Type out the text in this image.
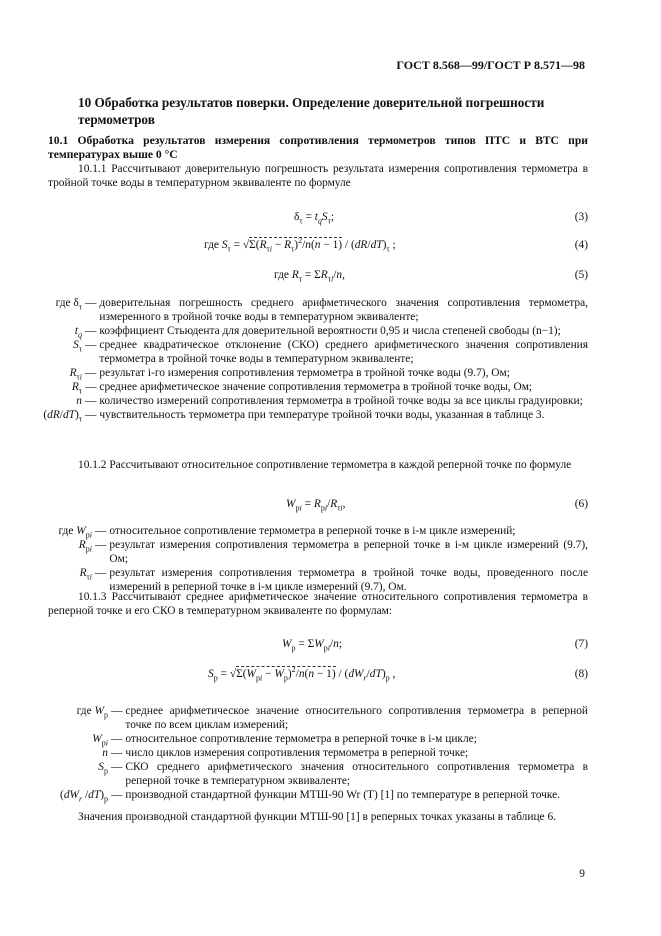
ГОСТ 8.568—99/ГОСТ Р 8.571—98
10 Обработка результатов поверки. Определение доверительной погрешности термометров
10.1 Обработка результатов измерения сопротивления термометров типов ПТС и ВТС при температурах выше 0 °С
10.1.1 Рассчитывают доверительную погрешность результата измерения сопротивления термометра в тройной точке воды в температурном эквиваленте по формуле
$\delta_\tau = t_qS_\tau$;	(3)
где $S_\tau = √\Sigma(R_{\tau i} - R_\tau)^2/n(n - 1) / (dR/dT)_\tau$ ;	(4)
где $R_\tau = \Sigma R_{\tau i}/n$,	(5)
где $\delta_\tau$ — доверительная погрешность среднего арифметического значения сопротивления термометра, измеренного в тройной точке воды в температурном эквиваленте;
$t_q$ — коэффициент Стьюдента для доверительной вероятности 0,95 и числа степеней свободы (n−1);
$S_\tau$ — среднее квадратическое отклонение (СКО) среднего арифметического значения сопротивления термометра в тройной точке воды в температурном эквиваленте;
$R_{\tau i}$ — результат i-го измерения сопротивления термометра в тройной точке воды (9.7), Ом;
$R_\tau$ — среднее арифметическое значение сопротивления термометра в тройной точке воды, Ом;
n — количество измерений сопротивления термометра в тройной точке воды за все циклы градуировки;
$(dR/dT)_\tau$ — чувствительность термометра при температуре тройной точки воды, указанная в таблице 3.
10.1.2 Рассчитывают относительное сопротивление термометра в каждой реперной точке по формуле
$W_{pi} = R_{pi}/R_{\tau i}$,	(6)
где $W_{pi}$ — относительное сопротивление термометра в реперной точке в i-м цикле измерений;
$R_{pi}$ — результат измерения сопротивления термометра в реперной точке в i-м цикле измерений (9.7), Ом;
$R_{\tau i}$ — результат измерения сопротивления термометра в тройной точке воды, проведенного после измерений в реперной точке в i-м цикле измерений (9.7), Ом.
10.1.3 Рассчитывают среднее арифметическое значение относительного сопротивления термометра в реперной точке и его СКО в температурном эквиваленте по формулам:
$W_p = \Sigma W_{pi}/n$;	(7)
$S_p = √\Sigma(W_{pi} - W_p)^2/n(n - 1) / (dW_r/dT)_p$ ,	(8)
где $W_p$ — среднее арифметическое значение относительного сопротивления термометра в реперной точке по всем циклам измерений;
$W_{pi}$ — относительное сопротивление термометра в реперной точке в i-м цикле;
n — число циклов измерения сопротивления термометра в реперной точке;
$S_p$ — СКО среднего арифметического значения относительного сопротивления термометра в реперной точке в температурном эквиваленте;
($dW_r$ $/dT)_p$ — производной стандартной функции МТШ-90 Wr (T) [1] по температуре в реперной точке.
Значения производной стандартной функции МТШ-90 [1] в реперных точках указаны в таблице 6.
9
